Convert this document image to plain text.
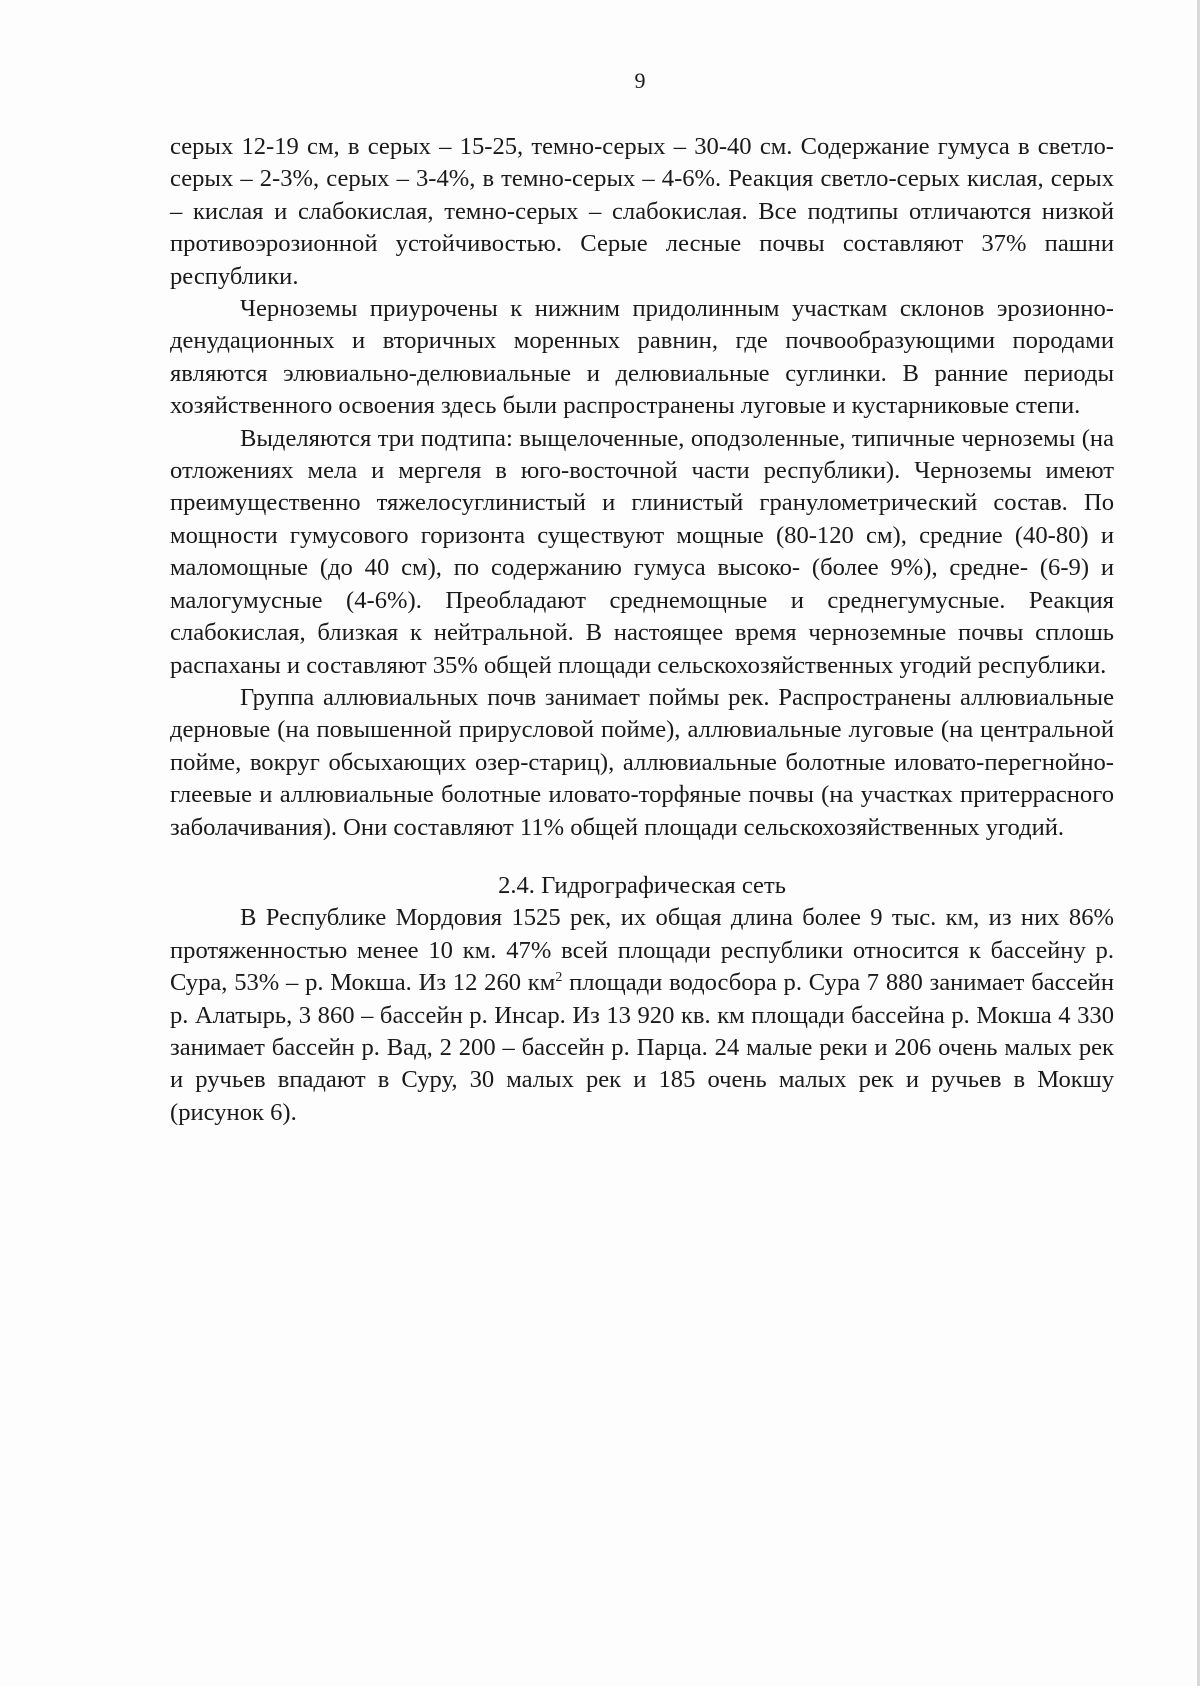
9

серых 12-19 см, в серых – 15-25, темно-серых – 30-40 см. Содержание гумуса в светло-серых – 2-3%, серых – 3-4%, в темно-серых – 4-6%. Реакция светло-серых кислая, серых – кислая и слабокислая, темно-серых – слабокислая. Все подтипы отличаются низкой противоэрозионной устойчивостью. Серые лесные почвы составляют 37% пашни республики.

Черноземы приурочены к нижним придолинным участкам склонов эрозионно-денудационных и вторичных моренных равнин, где почвообразующими породами являются элювиально-делювиальные и делювиальные суглинки. В ранние периоды хозяйственного освоения здесь были распространены луговые и кустарниковые степи.

Выделяются три подтипа: выщелоченные, оподзоленные, типичные черноземы (на отложениях мела и мергеля в юго-восточной части республики). Черноземы имеют преимущественно тяжелосуглинистый и глинистый гранулометрический состав. По мощности гумусового горизонта существуют мощные (80-120 см), средние (40-80) и маломощные (до 40 см), по содержанию гумуса высоко- (более 9%), средне- (6-9) и малогумусные (4-6%). Преобладают среднемощные и среднегумусные. Реакция слабокислая, близкая к нейтральной. В настоящее время черноземные почвы сплошь распаханы и составляют 35% общей площади сельскохозяйственных угодий республики.

Группа аллювиальных почв занимает поймы рек. Распространены аллювиальные дерновые (на повышенной прирусловой пойме), аллювиальные луговые (на центральной пойме, вокруг обсыхающих озер-стариц), аллювиальные болотные иловато-перегнойно-глеевые и аллювиальные болотные иловато-торфяные почвы (на участках притеррасного заболачивания). Они составляют 11% общей площади сельскохозяйственных угодий.

2.4. Гидрографическая сеть

В Республике Мордовия 1525 рек, их общая длина более 9 тыс. км, из них 86% протяженностью менее 10 км. 47% всей площади республики относится к бассейну р. Сура, 53% – р. Мокша. Из 12 260 $км^2$ площади водосбора р. Сура 7 880 занимает бассейн р. Алатырь, 3 860 – бассейн р. Инсар. Из 13 920 кв. км площади бассейна р. Мокша 4 330 занимает бассейн р. Вад, 2 200 – бассейн р. Парца. 24 малые реки и 206 очень малых рек и ручьев впадают в Суру, 30 малых рек и 185 очень малых рек и ручьев в Мокшу (рисунок 6).
